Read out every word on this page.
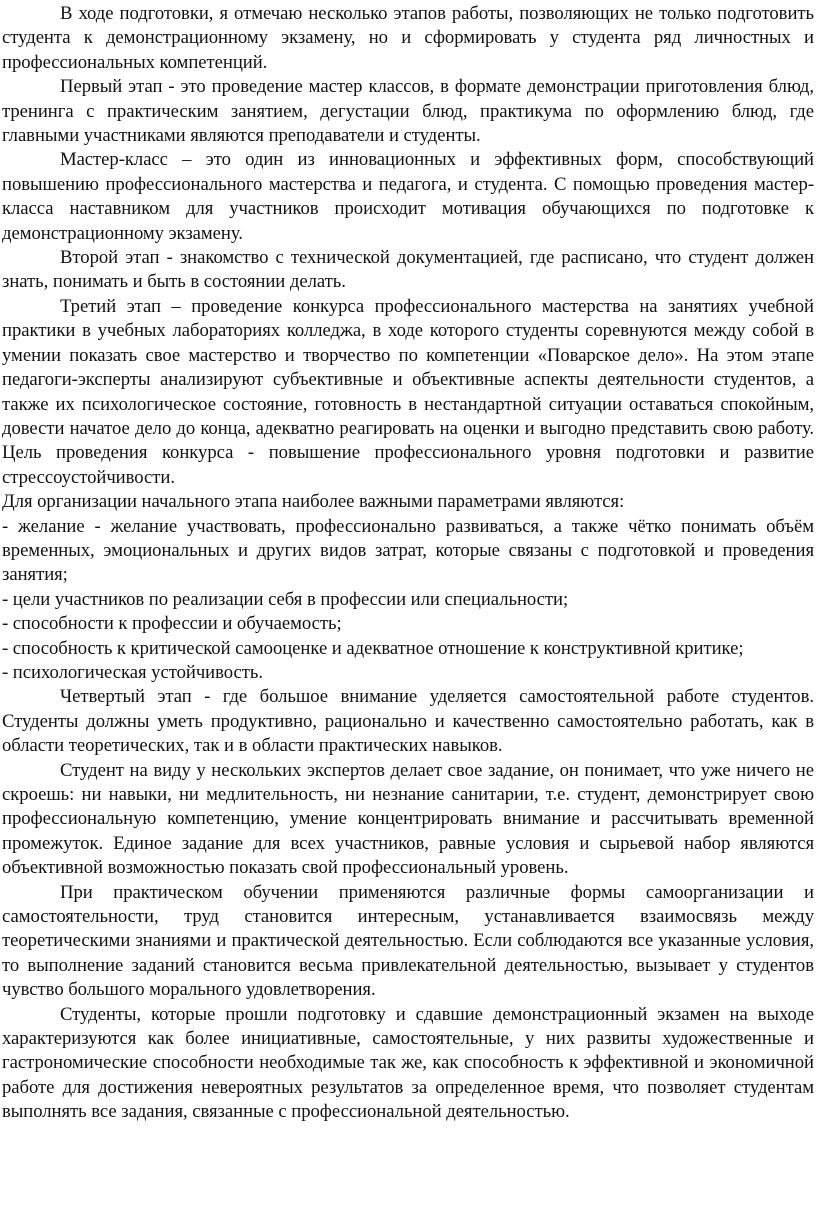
В ходе подготовки, я отмечаю несколько этапов работы, позволяющих не только подготовить студента к демонстрационному экзамену, но и сформировать у студента ряд личностных и профессиональных компетенций.

Первый этап - это проведение мастер классов, в формате демонстрации приготовления блюд, тренинга с практическим занятием, дегустации блюд, практикума по оформлению блюд, где главными участниками являются преподаватели и студенты.

Мастер-класс – это один из инновационных и эффективных форм, способствующий повышению профессионального мастерства и педагога, и студента. С помощью проведения мастер-класса наставником для участников происходит мотивация обучающихся по подготовке к демонстрационному экзамену.

Второй этап - знакомство с технической документацией, где расписано, что студент должен знать, понимать и быть в состоянии делать.

Третий этап – проведение конкурса профессионального мастерства на занятиях учебной практики в учебных лабораториях колледжа, в ходе которого студенты соревнуются между собой в умении показать свое мастерство и творчество по компетенции «Поварское дело». На этом этапе педагоги-эксперты анализируют субъективные и объективные аспекты деятельности студентов, а также их психологическое состояние, готовность в нестандартной ситуации оставаться спокойным, довести начатое дело до конца, адекватно реагировать на оценки и выгодно представить свою работу. Цель проведения конкурса - повышение профессионального уровня подготовки и развитие стрессоустойчивости.

Для организации начального этапа наиболее важными параметрами являются:

- желание - желание участвовать, профессионально развиваться, а также чётко понимать объём временных, эмоциональных и других видов затрат, которые связаны с подготовкой и проведения занятия;

- цели участников по реализации себя в профессии или специальности;

- способности к профессии и обучаемость;

- способность к критической самооценке и адекватное отношение к конструктивной критике;

- психологическая устойчивость.

Четвертый этап - где большое внимание уделяется самостоятельной работе студентов. Студенты должны уметь продуктивно, рационально и качественно самостоятельно работать, как в области теоретических, так и в области практических навыков.

Студент на виду у нескольких экспертов делает свое задание, он понимает, что уже ничего не скроешь: ни навыки, ни медлительность, ни незнание санитарии, т.е. студент, демонстрирует свою профессиональную компетенцию, умение концентрировать внимание и рассчитывать временной промежуток. Единое задание для всех участников, равные условия и сырьевой набор являются объективной возможностью показать свой профессиональный уровень.

При практическом обучении применяются различные формы самоорганизации и самостоятельности, труд становится интересным, устанавливается взаимосвязь между теоретическими знаниями и практической деятельностью. Если соблюдаются все указанные условия, то выполнение заданий становится весьма привлекательной деятельностью, вызывает у студентов чувство большого морального удовлетворения.

Студенты, которые прошли подготовку и сдавшие демонстрационный экзамен на выходе характеризуются как более инициативные, самостоятельные, у них развиты художественные и гастрономические способности необходимые так же, как способность к эффективной и экономичной работе для достижения невероятных результатов за определенное время, что позволяет студентам выполнять все задания, связанные с профессиональной деятельностью.
